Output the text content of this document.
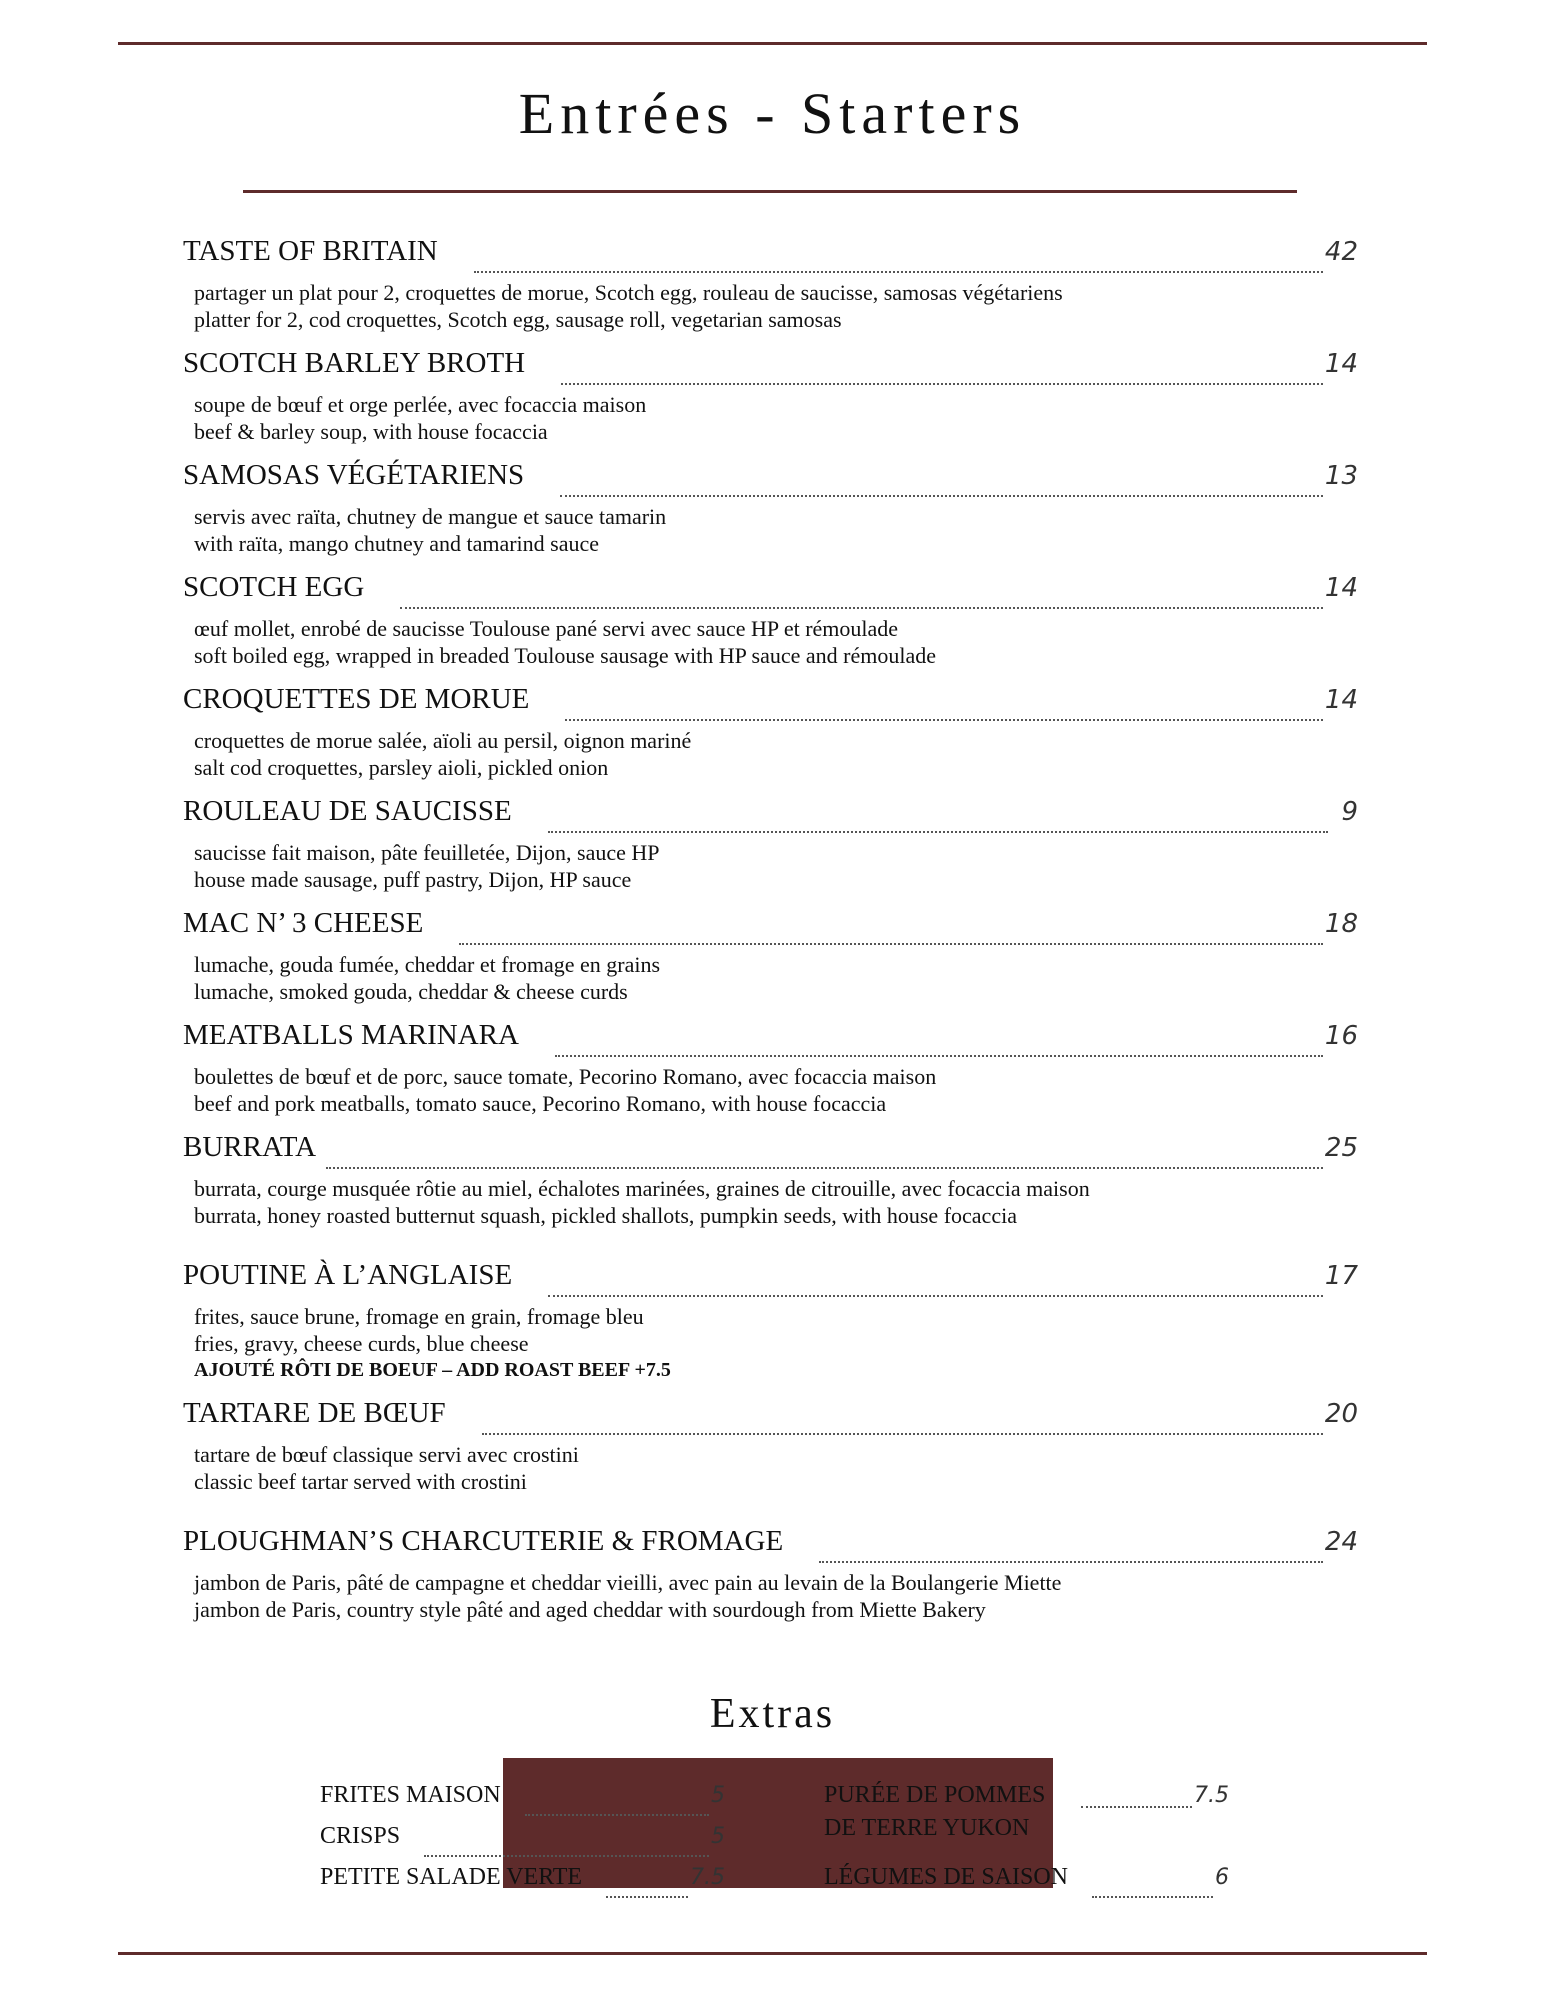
Entrées - Starters
TASTE OF BRITAIN	42
partager un plat pour 2, croquettes de morue, Scotch egg, rouleau de saucisse, samosas végétariens
platter for 2, cod croquettes, Scotch egg, sausage roll, vegetarian samosas
SCOTCH BARLEY BROTH	14
soupe de bœuf et orge perlée, avec focaccia maison
beef & barley soup, with house focaccia
SAMOSAS VÉGÉTARIENS	13
servis avec raïta, chutney de mangue et sauce tamarin
with raïta, mango chutney and tamarind sauce
SCOTCH EGG	14
œuf mollet, enrobé de saucisse Toulouse pané servi avec sauce HP et rémoulade
soft boiled egg, wrapped in breaded Toulouse sausage with HP sauce and rémoulade
CROQUETTES DE MORUE	14
croquettes de morue salée, aïoli au persil, oignon mariné
salt cod croquettes, parsley aioli, pickled onion
ROULEAU DE SAUCISSE	9
saucisse fait maison, pâte feuilletée, Dijon, sauce HP
house made sausage, puff pastry, Dijon, HP sauce
MAC N’ 3 CHEESE	18
lumache, gouda fumée, cheddar et fromage en grains
lumache, smoked gouda, cheddar & cheese curds
MEATBALLS MARINARA	16
boulettes de bœuf et de porc, sauce tomate, Pecorino Romano, avec focaccia maison
beef and pork meatballs, tomato sauce, Pecorino Romano, with house focaccia
BURRATA	25
burrata, courge musquée rôtie au miel, échalotes marinées, graines de citrouille, avec focaccia maison
burrata, honey roasted butternut squash, pickled shallots, pumpkin seeds, with house focaccia
POUTINE À L’ANGLAISE	17
frites, sauce brune, fromage en grain, fromage bleu
fries, gravy, cheese curds, blue cheese
AJOUTÉ RÔTI DE BOEUF – ADD ROAST BEEF +7.5
TARTARE DE BŒUF	20
tartare de bœuf classique servi avec crostini
classic beef tartar served with crostini
PLOUGHMAN’S CHARCUTERIE & FROMAGE	24
jambon de Paris, pâté de campagne et cheddar vieilli, avec pain au levain de la Boulangerie Miette
jambon de Paris, country style pâté and aged cheddar with sourdough from Miette Bakery
Extras
FRITES MAISON	5
CRISPS	5
PETITE SALADE VERTE	7.5
PURÉE DE POMMES	7.5
DE TERRE YUKON
LÉGUMES DE SAISON	6
